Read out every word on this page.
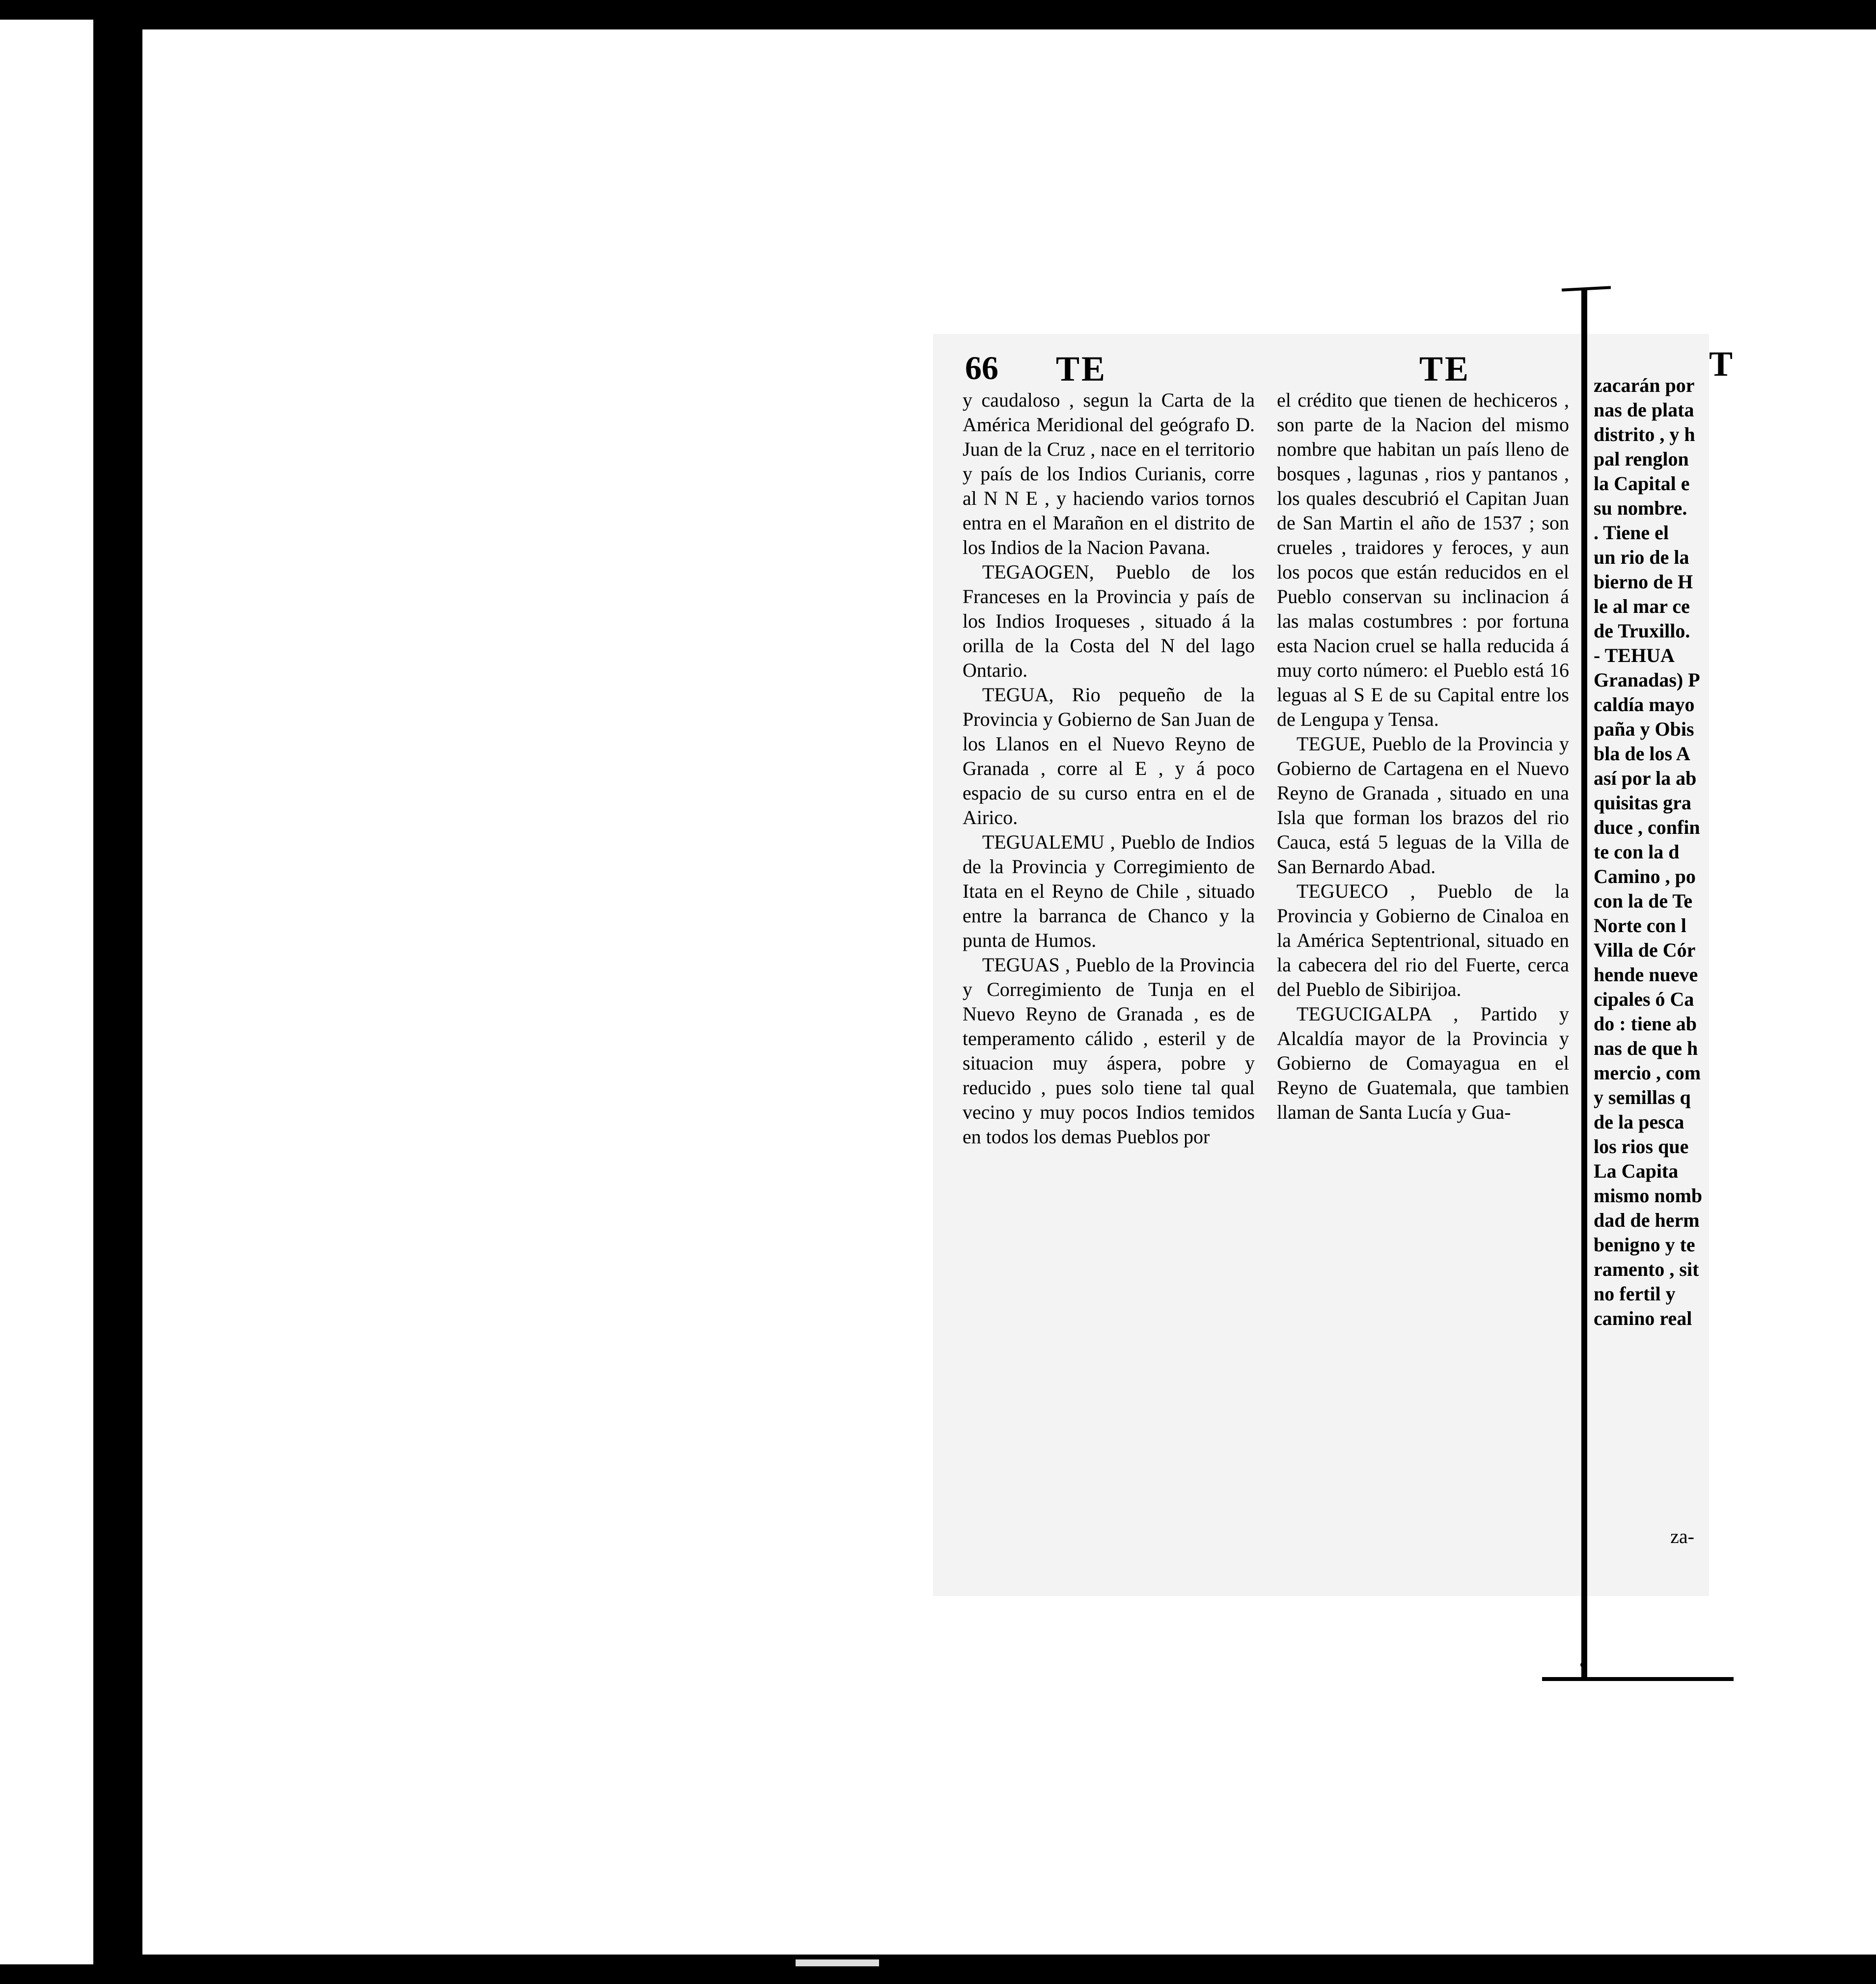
66 TE	TE

y caudaloso , segun la Carta de la América Meridional del geógrafo D. Juan de la Cruz , nace en el territorio y país de los Indios Curianis, corre al N N E , y haciendo varios tornos entra en el Marañon en el distrito de los Indios de la Nacion Pavana.

TEGAOGEN, Pueblo de los Franceses en la Provincia y país de los Indios Iroqueses , situado á la orilla de la Costa del N del lago Ontario.

TEGUA, Rio pequeño de la Provincia y Gobierno de San Juan de los Llanos en el Nuevo Reyno de Granada , corre al E , y á poco espacio de su curso entra en el de Airico.

TEGUALEMU , Pueblo de Indios de la Provincia y Corregimiento de Itata en el Reyno de Chile , situado entre la barranca de Chanco y la punta de Humos.

TEGUAS , Pueblo de la Provincia y Corregimiento de Tunja en el Nuevo Reyno de Granada , es de temperamento cálido , esteril y de situacion muy áspera, pobre y reducido , pues solo tiene tal qual vecino y muy pocos Indios temidos en todos los demas Pueblos por

el crédito que tienen de hechiceros , son parte de la Nacion del mismo nombre que habitan un país lleno de bosques , lagunas , rios y pantanos , los quales descubrió el Capitan Juan de San Martin el año de 1537 ; son crueles , traidores y feroces, y aun los pocos que están reducidos en el Pueblo conservan su inclinacion á las malas costumbres : por fortuna esta Nacion cruel se halla reducida á muy corto número: el Pueblo está 16 leguas al S E de su Capital entre los de Lengupa y Tensa.

TEGUE, Pueblo de la Provincia y Gobierno de Cartagena en el Nuevo Reyno de Granada , situado en una Isla que forman los brazos del rio Cauca, está 5 leguas de la Villa de San Bernardo Abad.

TEGUECO , Pueblo de la Provincia y Gobierno de Cinaloa en la América Septentrional, situado en la cabecera del rio del Fuerte, cerca del Pueblo de Sibirijoa.

TEGUCIGALPA , Partido y Alcaldía mayor de la Provincia y Gobierno de Comayagua en el Reyno de Guatemala, que tambien llaman de Santa Lucía y Gua-

za-
T
zacarán por
nas de plata
distrito , y h
pal renglon
la Capital e
su nombre.
. Tiene el
un rio de la
bierno de H
le al mar ce
de Truxillo.
- TEHUA
Granadas) P
caldía mayo
paña y Obis
bla de los A
así por la ab
quisitas gra
duce , confin
te con la d
Camino , po
con la de Te
Norte con l
Villa de Cór
hende nueve
cipales ó Ca
do : tiene ab
nas de que h
mercio , com
y semillas q
de la pesca
los rios que
La Capita
mismo nomb
dad de herm
benigno y te
ramento , sit
no fertil y
camino real
